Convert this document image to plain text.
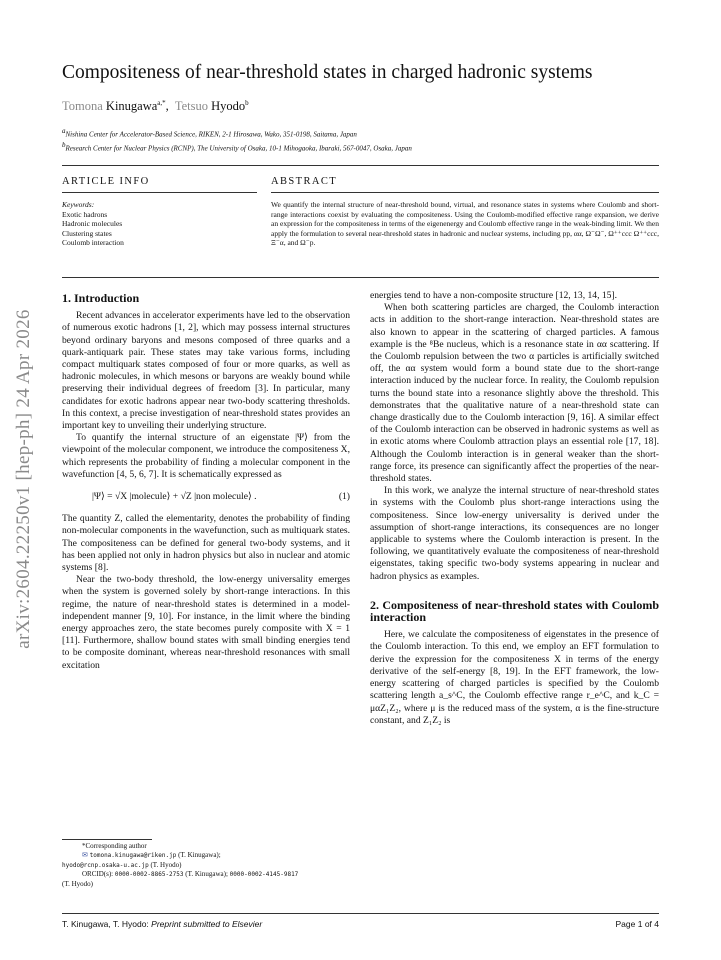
arXiv:2604.22250v1 [hep-ph] 24 Apr 2026
Compositeness of near-threshold states in charged hadronic systems
Tomona Kinugawa$^{a,*}$,  Tetsuo Hyodo$^b$
$^a$Nishina Center for Accelerator-Based Science, RIKEN, 2-1 Hirosawa, Wako, 351-0198, Saitama, Japan
$^b$Research Center for Nuclear Physics (RCNP), The University of Osaka, 10-1 Mihogaoka, Ibaraki, 567-0047, Osaka, Japan
ARTICLE INFO	ABSTRACT
Keywords:
Exotic hadrons
Hadronic molecules
Clustering states
Coulomb interaction
We quantify the internal structure of near-threshold bound, virtual, and resonance states in systems where Coulomb and short-range interactions coexist by evaluating the compositeness. Using the Coulomb-modified effective range expansion, we derive an expression for the compositeness in terms of the eigenenergy and Coulomb effective range in the weak-binding limit. We then apply the formulation to several near-threshold states in hadronic and nuclear systems, including pp, αα, Ω⁻Ω⁻, Ω⁺⁺ccc Ω⁺⁺ccc, Ξ⁻α, and Ω⁻p.
1. Introduction

Recent advances in accelerator experiments have led to the observation of numerous exotic hadrons [1, 2], which may possess internal structures beyond ordinary baryons and mesons composed of three quarks and a quark-antiquark pair. These states may take various forms, including compact multiquark states composed of four or more quarks, as well as hadronic molecules, in which mesons or baryons are weakly bound while preserving their individual degrees of freedom [3]. In particular, many candidates for exotic hadrons appear near two-body scattering thresholds. In this context, a precise investigation of near-threshold states provides an important key to unveiling their underlying structure.

To quantify the internal structure of an eigenstate |Ψ⟩ from the viewpoint of the molecular component, we introduce the compositeness X, which represents the probability of finding a molecular component in the wavefunction [4, 5, 6, 7]. It is schematically expressed as

|Ψ⟩ = √X |molecule⟩ + √Z |non molecule⟩ .	(1)

The quantity Z, called the elementarity, denotes the probability of finding non-molecular components in the wavefunction, such as multiquark states. The compositeness can be defined for general two-body systems, and it has been applied not only in hadron physics but also in nuclear and atomic systems [8].

Near the two-body threshold, the low-energy universality emerges when the system is governed solely by short-range interactions. In this regime, the nature of near-threshold states is determined in a model-independent manner [9, 10]. For instance, in the limit where the binding energy approaches zero, the state becomes purely composite with X = 1 [11]. Furthermore, shallow bound states with small binding energies tend to be composite dominant, whereas near-threshold resonances with small excitation

energies tend to have a non-composite structure [12, 13, 14, 15].

When both scattering particles are charged, the Coulomb interaction acts in addition to the short-range interaction. Near-threshold states are also known to appear in the scattering of charged particles. A famous example is the ⁸Be nucleus, which is a resonance state in αα scattering. If the Coulomb repulsion between the two α particles is artificially switched off, the αα system would form a bound state due to the short-range interaction induced by the nuclear force. In reality, the Coulomb repulsion turns the bound state into a resonance slightly above the threshold. This demonstrates that the qualitative nature of a near-threshold state can change drastically due to the Coulomb interaction [9, 16]. A similar effect of the Coulomb interaction can be observed in hadronic systems as well as in exotic atoms where Coulomb attraction plays an essential role [17, 18]. Although the Coulomb interaction is in general weaker than the short-range force, its presence can significantly affect the properties of the near-threshold states.

In this work, we analyze the internal structure of near-threshold states in systems with the Coulomb plus short-range interactions using the compositeness. Since low-energy universality is derived under the assumption of short-range interactions, its consequences are no longer applicable to systems where the Coulomb interaction is present. In the following, we quantitatively evaluate the compositeness of near-threshold eigenstates, taking specific two-body systems appearing in nuclear and hadron physics as examples.

2. Compositeness of near-threshold states with Coulomb interaction

Here, we calculate the compositeness of eigenstates in the presence of the Coulomb interaction. To this end, we employ an EFT formulation to derive the expression for the compositeness X in terms of the energy derivative of the self-energy [8, 19]. In the EFT framework, the low-energy scattering of charged particles is specified by the Coulomb scattering length a_s^C, the Coulomb effective range r_e^C, and k_C = μαZ₁Z₂, where μ is the reduced mass of the system, α is the fine-structure constant, and Z₁Z₂ is

*Corresponding author
✉ tomona.kinugawa@riken.jp (T. Kinugawa);
hyodo@rcnp.osaka-u.ac.jp (T. Hyodo)
ORCID(s): 0000-0002-8865-2753 (T. Kinugawa); 0000-0002-4145-9817
(T. Hyodo)
T. Kinugawa, T. Hyodo: Preprint submitted to Elsevier	Page 1 of 4
